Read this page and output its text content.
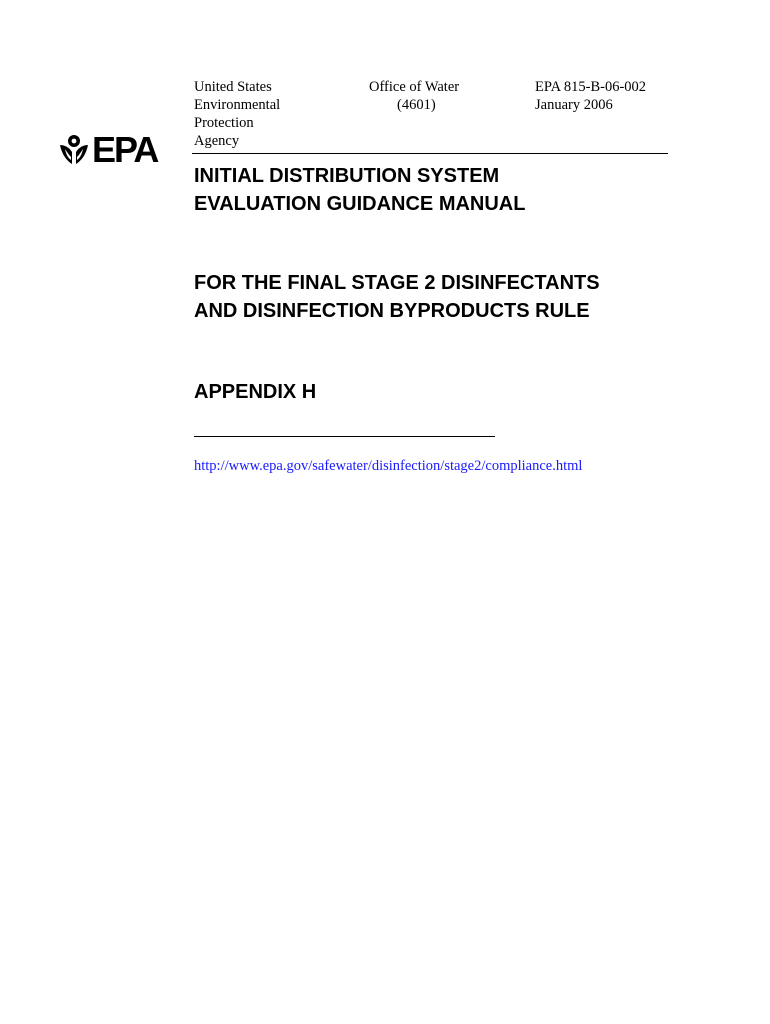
United States
Environmental
Protection
Agency
Office of Water
(4601)
EPA 815-B-06-002
January 2006
EPA
INITIAL DISTRIBUTION SYSTEM
EVALUATION GUIDANCE MANUAL
FOR THE FINAL STAGE 2 DISINFECTANTS
AND DISINFECTION BYPRODUCTS RULE
APPENDIX H
http://www.epa.gov/safewater/disinfection/stage2/compliance.html
